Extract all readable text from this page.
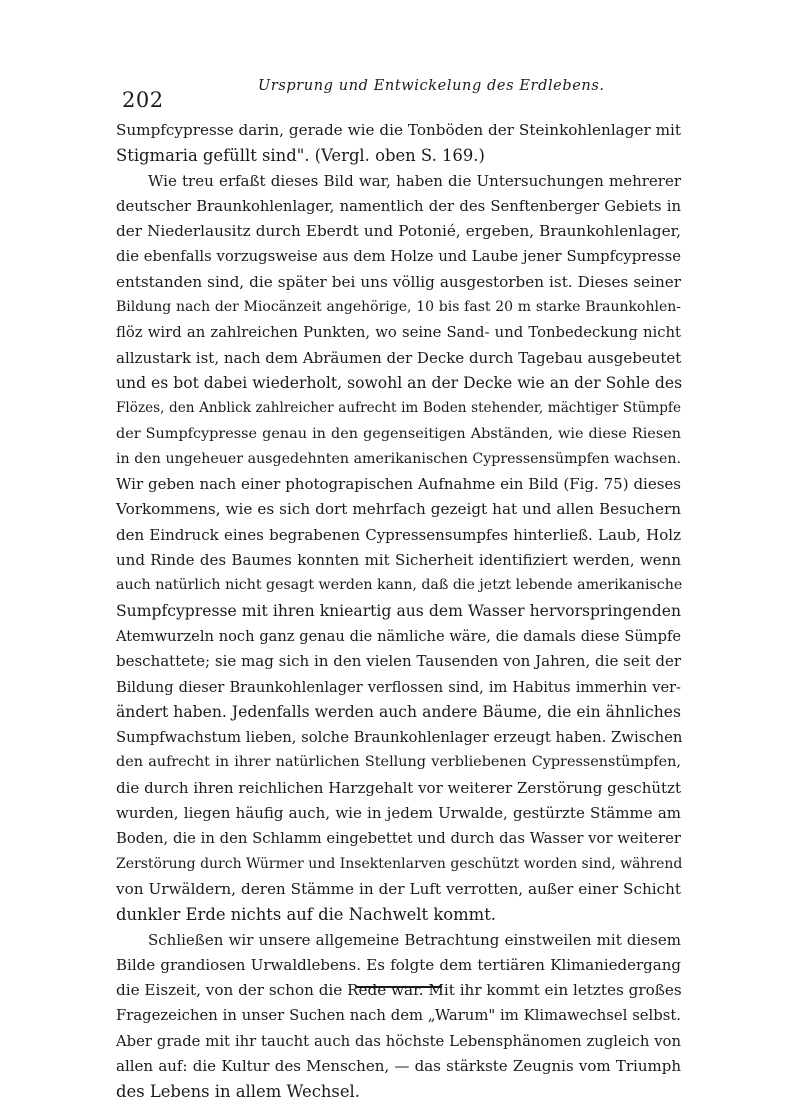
202
Ursprung und Entwickelung des Erdlebens.
Sumpfcypresse darin, gerade wie die Tonböden der Steinkohlenlager mit
Stigmaria gefüllt sind". (Vergl. oben S. 169.)
Wie treu erfaßt dieses Bild war, haben die Untersuchungen mehrerer
deutscher Braunkohlenlager, namentlich der des Senftenberger Gebiets in
der Niederlausitz durch Eberdt und Potonié, ergeben, Braunkohlenlager,
die ebenfalls vorzugsweise aus dem Holze und Laube jener Sumpfcypresse
entstanden sind, die später bei uns völlig ausgestorben ist. Dieses seiner
Bildung nach der Miocänzeit angehörige, 10 bis fast 20 m starke Braunkohlen-
flöz wird an zahlreichen Punkten, wo seine Sand- und Tonbedeckung nicht
allzustark ist, nach dem Abräumen der Decke durch Tagebau ausgebeutet
und es bot dabei wiederholt, sowohl an der Decke wie an der Sohle des
Flözes, den Anblick zahlreicher aufrecht im Boden stehender, mächtiger Stümpfe
der Sumpfcypresse genau in den gegenseitigen Abständen, wie diese Riesen
in den ungeheuer ausgedehnten amerikanischen Cypressensümpfen wachsen.
Wir geben nach einer photograpischen Aufnahme ein Bild (Fig. 75) dieses
Vorkommens, wie es sich dort mehrfach gezeigt hat und allen Besuchern
den Eindruck eines begrabenen Cypressensumpfes hinterließ. Laub, Holz
und Rinde des Baumes konnten mit Sicherheit identifiziert werden, wenn
auch natürlich nicht gesagt werden kann, daß die jetzt lebende amerikanische
Sumpfcypresse mit ihren knieartig aus dem Wasser hervorspringenden
Atemwurzeln noch ganz genau die nämliche wäre, die damals diese Sümpfe
beschattete; sie mag sich in den vielen Tausenden von Jahren, die seit der
Bildung dieser Braunkohlenlager verflossen sind, im Habitus immerhin ver-
ändert haben. Jedenfalls werden auch andere Bäume, die ein ähnliches
Sumpfwachstum lieben, solche Braunkohlenlager erzeugt haben. Zwischen
den aufrecht in ihrer natürlichen Stellung verbliebenen Cypressenstümpfen,
die durch ihren reichlichen Harzgehalt vor weiterer Zerstörung geschützt
wurden, liegen häufig auch, wie in jedem Urwalde, gestürzte Stämme am
Boden, die in den Schlamm eingebettet und durch das Wasser vor weiterer
Zerstörung durch Würmer und Insektenlarven geschützt worden sind, während
von Urwäldern, deren Stämme in der Luft verrotten, außer einer Schicht
dunkler Erde nichts auf die Nachwelt kommt.
Schließen wir unsere allgemeine Betrachtung einstweilen mit diesem
Bilde grandiosen Urwaldlebens. Es folgte dem tertiären Klimaniedergang
die Eiszeit, von der schon die Rede war. Mit ihr kommt ein letztes großes
Fragezeichen in unser Suchen nach dem „Warum" im Klimawechsel selbst.
Aber grade mit ihr taucht auch das höchste Lebensphänomen zugleich von
allen auf: die Kultur des Menschen, — das stärkste Zeugnis vom Triumph
des Lebens in allem Wechsel.
